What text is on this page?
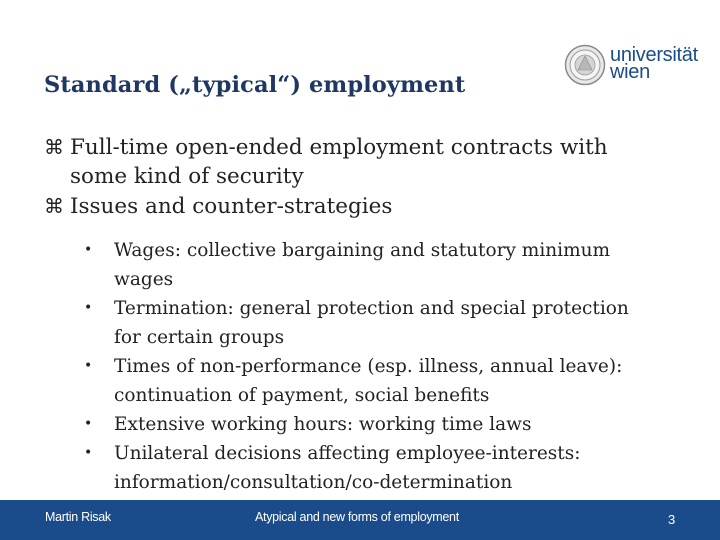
Standard („typical“) employment
universität
wien
⌘ Full-time open-ended employment contracts with
some kind of security
⌘ Issues and counter-strategies
• Wages: collective bargaining and statutory minimum
wages
• Termination: general protection and special protection
for certain groups
• Times of non-performance (esp. illness, annual leave):
continuation of payment, social benefits
• Extensive working hours: working time laws
• Unilateral decisions affecting employee-interests:
information/consultation/co-determination
Martin Risak	Atypical and new forms of employment	3
